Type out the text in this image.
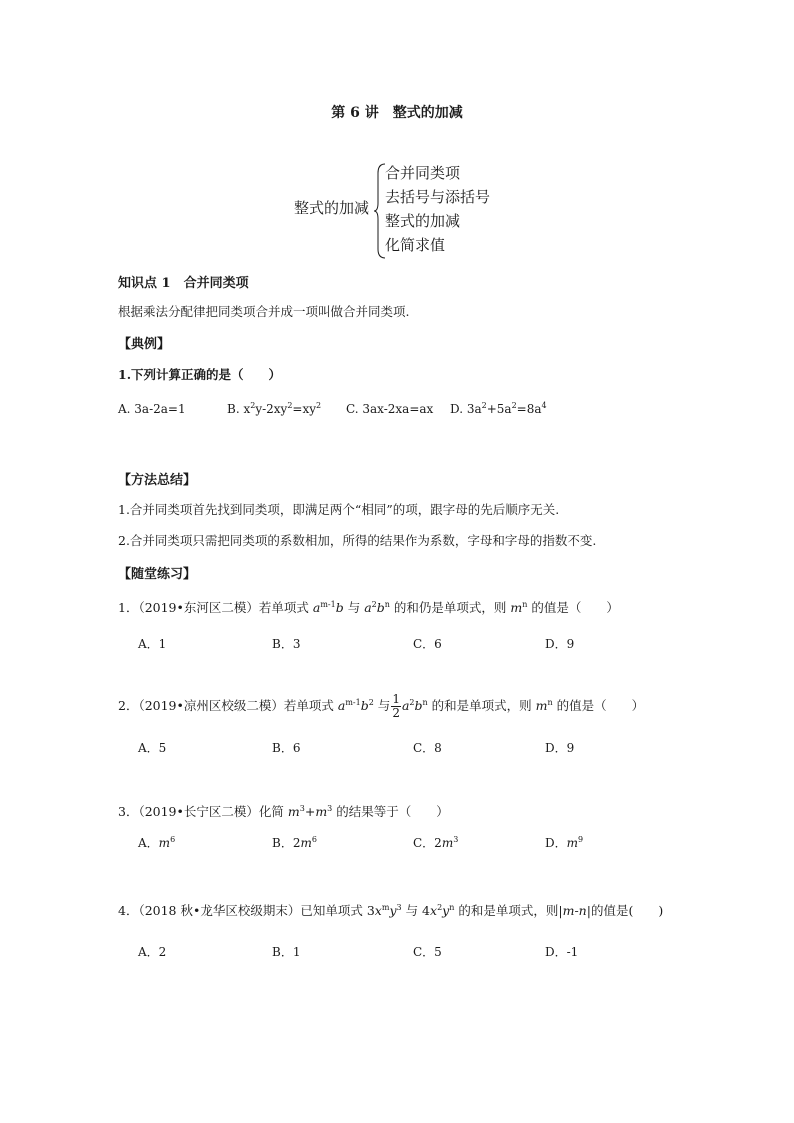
第 6 讲 整式的加减
整式的加减
合并同类项
去括号与添括号
整式的加减
化简求值
知识点 1　合并同类项
根据乘法分配律把同类项合并成一项叫做合并同类项.
【典例】
1.下列计算正确的是（　　）
A. 3a-2a=1	B. $x^2y-2xy^2=xy^2$ C. 3ax-2xa=ax D. $3a^2+5a^2=8a^4$
【方法总结】
1.合并同类项首先找到同类项，即满足两个“相同”的项，跟字母的先后顺序无关.
2.合并同类项只需把同类项的系数相加，所得的结果作为系数，字母和字母的指数不变.
【随堂练习】
1．（2019•东河区二模）若单项式 $a^{m-1}b$ 与 $a^2b^n$ 的和仍是单项式，则 $m^n$ 的值是（　　）
A．1	B．3	C．6	D．9
2．（2019•凉州区校级二模）若单项式 $a^{m-1}b^2$ 与 $\frac{1}{2} a^2b^n$ 的和是单项式，则 $m^n$ 的值是（　　）
A．5	B．6	C．8	D．9
3．（2019•长宁区二模）化简 $m^3+m^3$ 的结果等于（　　）
A．$m^6$	B．$2m^6$	C．$2m^3$	D．$m^9$
4．（2018 秋•龙华区校级期末）已知单项式 $3x^my^3$ 与 $4x^2y^n$ 的和是单项式，则|m-n|的值是(　　)
A．2	B．1	C．5	D．-1
